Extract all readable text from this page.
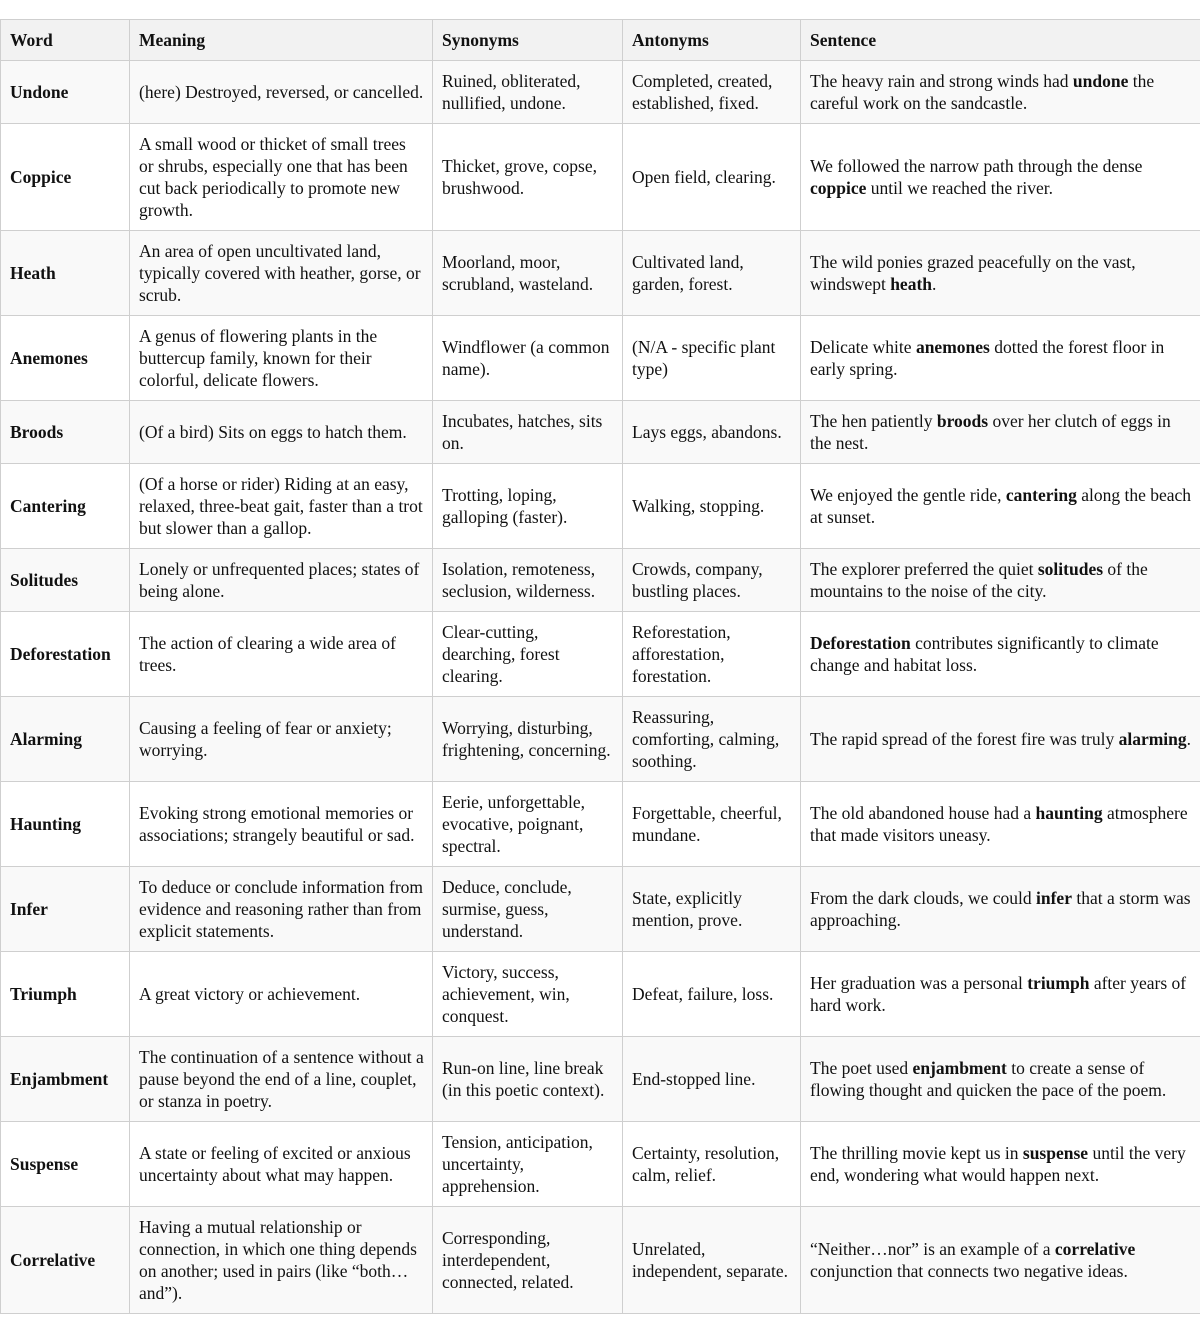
Word	Meaning	Synonyms	Antonyms	Sentence
Undone	(here) Destroyed, reversed, or cancelled.	Ruined, obliterated, nullified, undone.	Completed, created, established, fixed.	The heavy rain and strong winds had undone the careful work on the sandcastle.
Coppice	A small wood or thicket of small trees or shrubs, especially one that has been cut back periodically to promote new growth.	Thicket, grove, copse, brushwood.	Open field, clearing.	We followed the narrow path through the dense coppice until we reached the river.
Heath	An area of open uncultivated land, typically covered with heather, gorse, or scrub.	Moorland, moor, scrubland, wasteland.	Cultivated land, garden, forest.	The wild ponies grazed peacefully on the vast, windswept heath.
Anemones	A genus of flowering plants in the buttercup family, known for their colorful, delicate flowers.	Windflower (a common name).	(N/A - specific plant type)	Delicate white anemones dotted the forest floor in early spring.
Broods	(Of a bird) Sits on eggs to hatch them.	Incubates, hatches, sits on.	Lays eggs, abandons.	The hen patiently broods over her clutch of eggs in the nest.
Cantering	(Of a horse or rider) Riding at an easy, relaxed, three-beat gait, faster than a trot but slower than a gallop.	Trotting, loping, galloping (faster).	Walking, stopping.	We enjoyed the gentle ride, cantering along the beach at sunset.
Solitudes	Lonely or unfrequented places; states of being alone.	Isolation, remoteness, seclusion, wilderness.	Crowds, company, bustling places.	The explorer preferred the quiet solitudes of the mountains to the noise of the city.
Deforestation	The action of clearing a wide area of trees.	Clear-cutting, dearching, forest clearing.	Reforestation, afforestation, forestation.	Deforestation contributes significantly to climate change and habitat loss.
Alarming	Causing a feeling of fear or anxiety; worrying.	Worrying, disturbing, frightening, concerning.	Reassuring, comforting, calming, soothing.	The rapid spread of the forest fire was truly alarming.
Haunting	Evoking strong emotional memories or associations; strangely beautiful or sad.	Eerie, unforgettable, evocative, poignant, spectral.	Forgettable, cheerful, mundane.	The old abandoned house had a haunting atmosphere that made visitors uneasy.
Infer	To deduce or conclude information from evidence and reasoning rather than from explicit statements.	Deduce, conclude, surmise, guess, understand.	State, explicitly mention, prove.	From the dark clouds, we could infer that a storm was approaching.
Triumph	A great victory or achievement.	Victory, success, achievement, win, conquest.	Defeat, failure, loss.	Her graduation was a personal triumph after years of hard work.
Enjambment	The continuation of a sentence without a pause beyond the end of a line, couplet, or stanza in poetry.	Run-on line, line break (in this poetic context).	End-stopped line.	The poet used enjambment to create a sense of flowing thought and quicken the pace of the poem.
Suspense	A state or feeling of excited or anxious uncertainty about what may happen.	Tension, anticipation, uncertainty, apprehension.	Certainty, resolution, calm, relief.	The thrilling movie kept us in suspense until the very end, wondering what would happen next.
Correlative	Having a mutual relationship or connection, in which one thing depends on another; used in pairs (like “both…and”).	Corresponding, interdependent, connected, related.	Unrelated, independent, separate.	“Neither…nor” is an example of a correlative conjunction that connects two negative ideas.
